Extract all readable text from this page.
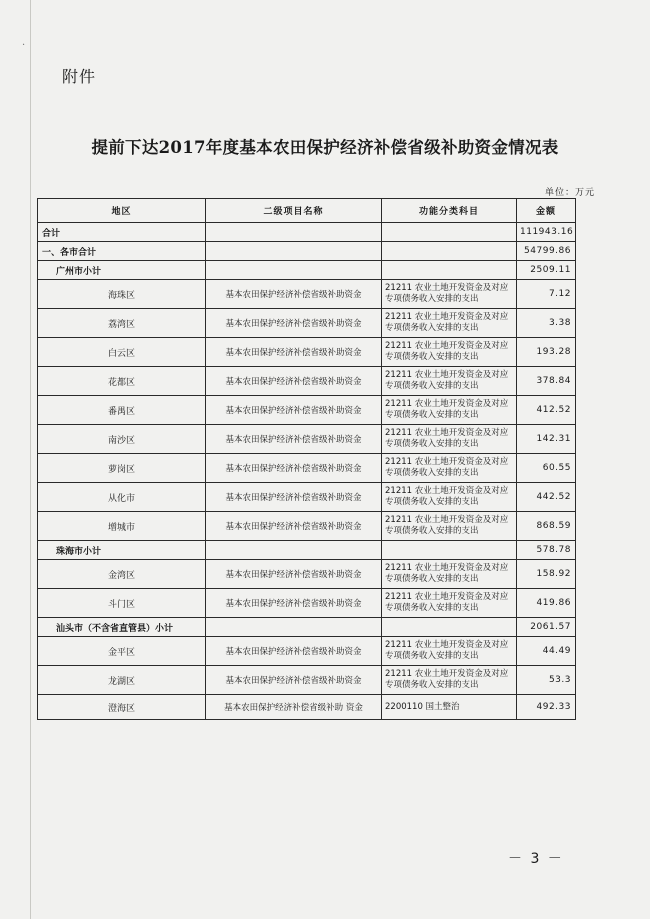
·
附件
提前下达2017年度基本农田保护经济补偿省级补助资金情况表
单位：万元
地区	二级项目名称	功能分类科目	金额
合计			111943.16
一、各市合计			54799.86
广州市小计			2509.11
海珠区	基本农田保护经济补偿省级补助资金	21211 农业土地开发资金及对应专项债务收入安排的支出	7.12
荔湾区	基本农田保护经济补偿省级补助资金	21211 农业土地开发资金及对应专项债务收入安排的支出	3.38
白云区	基本农田保护经济补偿省级补助资金	21211 农业土地开发资金及对应专项债务收入安排的支出	193.28
花都区	基本农田保护经济补偿省级补助资金	21211 农业土地开发资金及对应专项债务收入安排的支出	378.84
番禺区	基本农田保护经济补偿省级补助资金	21211 农业土地开发资金及对应专项债务收入安排的支出	412.52
南沙区	基本农田保护经济补偿省级补助资金	21211 农业土地开发资金及对应专项债务收入安排的支出	142.31
萝岗区	基本农田保护经济补偿省级补助资金	21211 农业土地开发资金及对应专项债务收入安排的支出	60.55
从化市	基本农田保护经济补偿省级补助资金	21211 农业土地开发资金及对应专项债务收入安排的支出	442.52
增城市	基本农田保护经济补偿省级补助资金	21211 农业土地开发资金及对应专项债务收入安排的支出	868.59
珠海市小计			578.78
金湾区	基本农田保护经济补偿省级补助资金	21211 农业土地开发资金及对应专项债务收入安排的支出	158.92
斗门区	基本农田保护经济补偿省级补助资金	21211 农业土地开发资金及对应专项债务收入安排的支出	419.86
汕头市（不含省直管县）小计			2061.57
金平区	基本农田保护经济补偿省级补助资金	21211 农业土地开发资金及对应专项债务收入安排的支出	44.49
龙湖区	基本农田保护经济补偿省级补助资金	21211 农业土地开发资金及对应专项债务收入安排的支出	53.3
澄海区	基本农田保护经济补偿省级补助 资金	2200110 国土整治	492.33
－ 3 －
